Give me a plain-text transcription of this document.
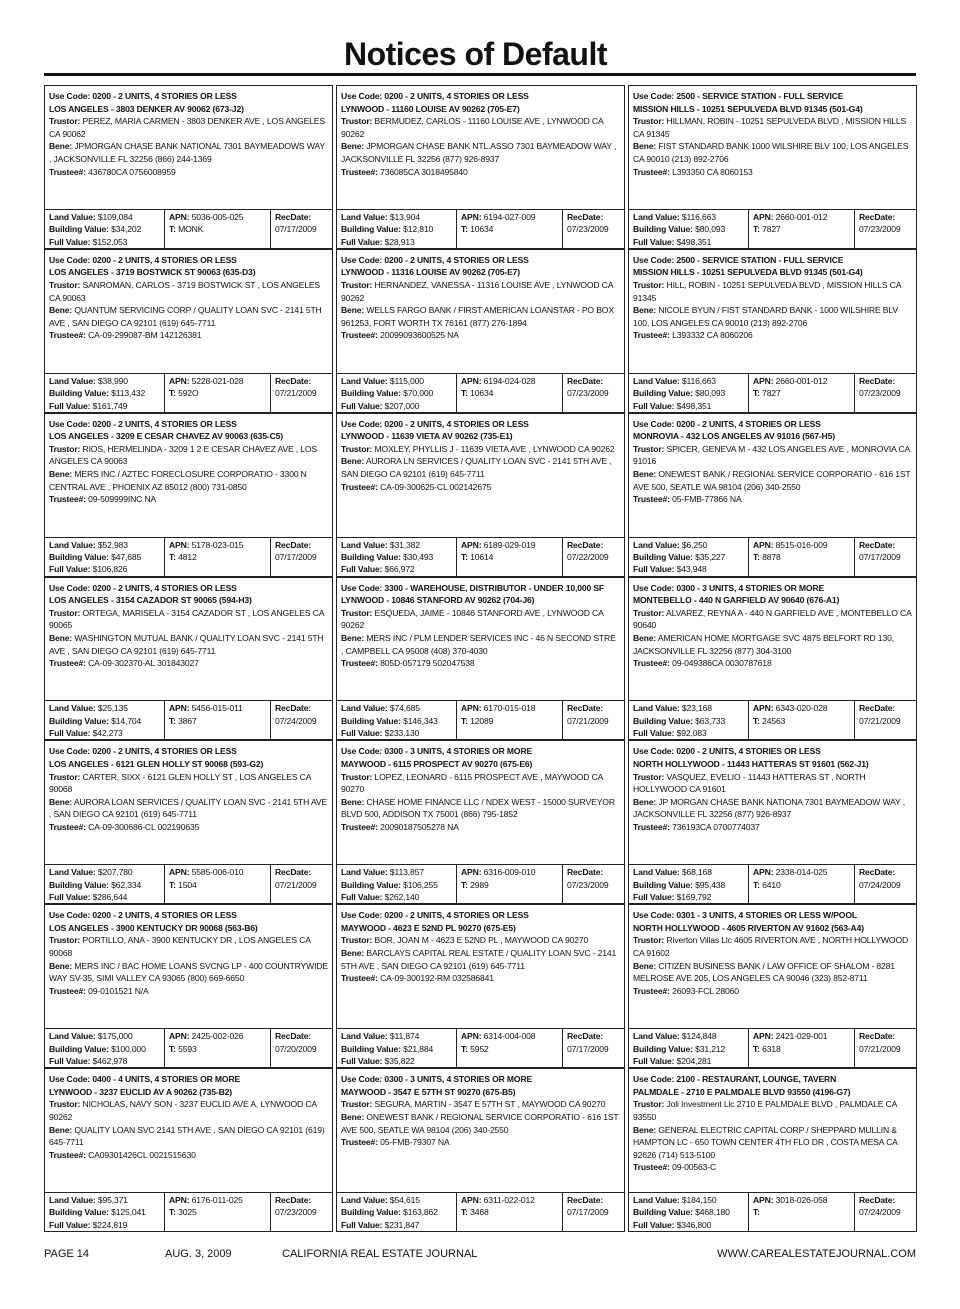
Notices of Default
Use Code: 0200 - 2 UNITS, 4 STORIES OR LESS
LOS ANGELES - 3803 DENKER AV 90062 (673-J2)
Trustor: PEREZ, MARIA CARMEN - 3803 DENKER AVE , LOS ANGELES CA 90062
Bene: JPMORGAN CHASE BANK NATIONAL 7301 BAYMEADOWS WAY , JACKSONVILLE FL 32256 (866) 244-1369
Trustee#: 436780CA 0756008959
Land Value: $109,084
Building Value: $34,202
Full Value: $152,053
APN: 5036-005-025
T: MONK
RecDate:
07/17/2009
Use Code: 0200 - 2 UNITS, 4 STORIES OR LESS
LYNWOOD - 11160 LOUISE AV 90262 (705-E7)
Trustor: BERMUDEZ, CARLOS - 11160 LOUISE AVE , LYNWOOD CA 90262
Bene: JPMORGAN CHASE BANK NTL.ASSO 7301 BAYMEADOW WAY , JACKSONVILLE FL 32256 (877) 926-8937
Trustee#: 736085CA 3018495840
Land Value: $13,904
Building Value: $12,810
Full Value: $28,913
APN: 6194-027-009
T: 10634
RecDate:
07/23/2009
Use Code: 2500 - SERVICE STATION - FULL SERVICE
MISSION HILLS - 10251 SEPULVEDA BLVD 91345 (501-G4)
Trustor: HILLMAN, ROBIN - 10251 SEPULVEDA BLVD , MISSION HILLS CA 91345
Bene: FIST STANDARD BANK 1000 WILSHIRE BLV 100, LOS ANGELES CA 90010 (213) 892-2706
Trustee#: L393350 CA 8060153
Land Value: $116,663
Building Value: $80,093
Full Value: $498,351
APN: 2660-001-012
T: 7827
RecDate:
07/23/2009
Use Code: 0200 - 2 UNITS, 4 STORIES OR LESS
LOS ANGELES - 3719 BOSTWICK ST 90063 (635-D3)
Trustor: SANROMAN, CARLOS - 3719 BOSTWICK ST , LOS ANGELES CA 90063
Bene: QUANTUM SERVICING CORP / QUALITY LOAN SVC - 2141 5TH AVE , SAN DIEGO CA 92101 (619) 645-7711
Trustee#: CA-09-299087-BM 142126381
Land Value: $38,990
Building Value: $113,432
Full Value: $161,749
APN: 5228-021-028
T: 592O
RecDate:
07/21/2009
Use Code: 0200 - 2 UNITS, 4 STORIES OR LESS
LYNWOOD - 11316 LOUISE AV 90262 (705-E7)
Trustor: HERNANDEZ, VANESSA - 11316 LOUISE AVE , LYNWOOD CA 90262
Bene: WELLS FARGO BANK / FIRST AMERICAN LOANSTAR - PO BOX 961253, FORT WORTH TX 76161 (877) 276-1894
Trustee#: 20099093600525 NA
Land Value: $115,000
Building Value: $70,000
Full Value: $207,000
APN: 6194-024-028
T: 10634
RecDate:
07/23/2009
Use Code: 2500 - SERVICE STATION - FULL SERVICE
MISSION HILLS - 10251 SEPULVEDA BLVD 91345 (501-G4)
Trustor: HILL, ROBIN - 10251 SEPULVEDA BLVD , MISSION HILLS CA 91345
Bene: NICOLE BYUN / FIST STANDARD BANK - 1000 WILSHIRE BLV 100, LOS ANGELES CA 90010 (213) 892-2706
Trustee#: L393332 CA 8060206
Land Value: $116,663
Building Value: $80,093
Full Value: $498,351
APN: 2660-001-012
T: 7827
RecDate:
07/23/2009
Use Code: 0200 - 2 UNITS, 4 STORIES OR LESS
LOS ANGELES - 3209 E CESAR CHAVEZ AV 90063 (635-C5)
Trustor: RIOS, HERMELINDA - 3209 1 2 E CESAR CHAVEZ AVE , LOS ANGELES CA 90063
Bene: MERS INC / AZTEC FORECLOSURE CORPORATIO - 3300 N CENTRAL AVE , PHOENIX AZ 85012 (800) 731-0850
Trustee#: 09-509999INC NA
Land Value: $52,983
Building Value: $47,685
Full Value: $106,826
APN: 5178-023-015
T: 4812
RecDate:
07/17/2009
Use Code: 0200 - 2 UNITS, 4 STORIES OR LESS
LYNWOOD - 11639 VIETA AV 90262 (735-E1)
Trustor: MOXLEY, PHYLLIS J - 11639 VIETA AVE , LYNWOOD CA 90262
Bene: AURORA LN SERVICES / QUALITY LOAN SVC - 2141 5TH AVE , SAN DIEGO CA 92101 (619) 645-7711
Trustee#: CA-09-300625-CL 002142675
Land Value: $31,382
Building Value: $30,493
Full Value: $66,972
APN: 6189-029-019
T: 10614
RecDate:
07/22/2009
Use Code: 0200 - 2 UNITS, 4 STORIES OR LESS
MONROVIA - 432 LOS ANGELES AV 91016 (567-H5)
Trustor: SPICER, GENEVA M - 432 LOS ANGELES AVE , MONROVIA CA 91016
Bene: ONEWEST BANK / REGIONAL SERVICE CORPORATIO - 616 1ST AVE 500, SEATLE WA 98104 (206) 340-2550
Trustee#: 05-FMB-77866 NA
Land Value: $6,250
Building Value: $35,227
Full Value: $43,948
APN: 8515-016-009
T: 8878
RecDate:
07/17/2009
Use Code: 0200 - 2 UNITS, 4 STORIES OR LESS
LOS ANGELES - 3154 CAZADOR ST 90065 (594-H3)
Trustor: ORTEGA, MARISELA - 3154 CAZADOR ST , LOS ANGELES CA 90065
Bene: WASHINGTON MUTUAL BANK / QUALITY LOAN SVC - 2141 5TH AVE , SAN DIEGO CA 92101 (619) 645-7711
Trustee#: CA-09-302370-AL 301843027
Land Value: $25,135
Building Value: $14,704
Full Value: $42,273
APN: 5456-015-011
T: 3867
RecDate:
07/24/2009
Use Code: 3300 - WAREHOUSE, DISTRIBUTOR - UNDER 10,000 SF
LYNWOOD - 10846 STANFORD AV 90262 (704-J6)
Trustor: ESQUEDA, JAIME - 10846 STANFORD AVE , LYNWOOD CA 90262
Bene: MERS INC / PLM LENDER SERVICES INC - 46 N SECOND STRE , CAMPBELL CA 95008 (408) 370-4030
Trustee#: 805D-057179 502047538
Land Value: $74,685
Building Value: $146,343
Full Value: $233,130
APN: 6170-015-018
T: 12089
RecDate:
07/21/2009
Use Code: 0300 - 3 UNITS, 4 STORIES OR MORE
MONTEBELLO - 440 N GARFIELD AV 90640 (676-A1)
Trustor: ALVAREZ, REYNA A - 440 N GARFIELD AVE , MONTEBELLO CA 90640
Bene: AMERICAN HOME MORTGAGE SVC 4875 BELFORT RD 130, JACKSONVILLE FL 32256 (877) 304-3100
Trustee#: 09-049386CA 0030787618
Land Value: $23,168
Building Value: $63,733
Full Value: $92,083
APN: 6343-020-028
T: 24563
RecDate:
07/21/2009
Use Code: 0200 - 2 UNITS, 4 STORIES OR LESS
LOS ANGELES - 6121 GLEN HOLLY ST 90068 (593-G2)
Trustor: CARTER, SIXX - 6121 GLEN HOLLY ST , LOS ANGELES CA 90068
Bene: AURORA LOAN SERVICES / QUALITY LOAN SVC - 2141 5TH AVE , SAN DIEGO CA 92101 (619) 645-7711
Trustee#: CA-09-300686-CL 002190635
Land Value: $207,780
Building Value: $62,334
Full Value: $286,644
APN: 5585-006-010
T: 1504
RecDate:
07/21/2009
Use Code: 0300 - 3 UNITS, 4 STORIES OR MORE
MAYWOOD - 6115 PROSPECT AV 90270 (675-E6)
Trustor: LOPEZ, LEONARD - 6115 PROSPECT AVE , MAYWOOD CA 90270
Bene: CHASE HOME FINANCE LLC / NDEX WEST - 15000 SURVEYOR BLVD 500, ADDISON TX 75001 (866) 795-1852
Trustee#: 20090187505278 NA
Land Value: $113,857
Building Value: $106,255
Full Value: $262,140
APN: 6316-009-010
T: 2989
RecDate:
07/23/2009
Use Code: 0200 - 2 UNITS, 4 STORIES OR LESS
NORTH HOLLYWOOD - 11443 HATTERAS ST 91601 (562-J1)
Trustor: VASQUEZ, EVELIO - 11443 HATTERAS ST , NORTH HOLLYWOOD CA 91601
Bene: JP MORGAN CHASE BANK NATIONA 7301 BAYMEADOW WAY , JACKSONVILLE FL 32256 (877) 926-8937
Trustee#: 736193CA 0700774037
Land Value: $68,168
Building Value: $95,438
Full Value: $169,792
APN: 2338-014-025
T: 6410
RecDate:
07/24/2009
Use Code: 0200 - 2 UNITS, 4 STORIES OR LESS
LOS ANGELES - 3900 KENTUCKY DR 90068 (563-B6)
Trustor: PORTILLO, ANA - 3900 KENTUCKY DR , LOS ANGELES CA 90068
Bene: MERS INC / BAC HOME LOANS SVCNG LP - 400 COUNTRYWIDE WAY SV-35, SIMI VALLEY CA 93065 (800) 669-6650
Trustee#: 09-0101521 N/A
Land Value: $175,000
Building Value: $100,000
Full Value: $462,978
APN: 2425-002-026
T: 5593
RecDate:
07/20/2009
Use Code: 0200 - 2 UNITS, 4 STORIES OR LESS
MAYWOOD - 4623 E 52ND PL 90270 (675-E5)
Trustor: BOR, JOAN M - 4623 E 52ND PL , MAYWOOD CA 90270
Bene: BARCLAYS CAPITAL REAL ESTATE / QUALITY LOAN SVC - 2141 5TH AVE , SAN DIEGO CA 92101 (619) 645-7711
Trustee#: CA-09-300192-RM 032586841
Land Value: $11,874
Building Value: $21,884
Full Value: $35,822
APN: 6314-004-008
T: 5952
RecDate:
07/17/2009
Use Code: 0301 - 3 UNITS, 4 STORIES OR LESS W/POOL
NORTH HOLLYWOOD - 4605 RIVERTON AV 91602 (563-A4)
Trustor: Riverton Villas Llc 4605 RIVERTON AVE , NORTH HOLLYWOOD CA 91602
Bene: CITIZEN BUSINESS BANK / LAW OFFICE OF SHALOM - 8281 MELROSE AVE 205, LOS ANGELES CA 90046 (323) 852-8711
Trustee#: 26093-FCL 28060
Land Value: $124,848
Building Value: $31,212
Full Value: $204,281
APN: 2421-029-001
T: 6318
RecDate:
07/21/2009
Use Code: 0400 - 4 UNITS, 4 STORIES OR MORE
LYNWOOD - 3237 EUCLID AV A 90262 (735-B2)
Trustor: NICHOLAS, NAVY SON - 3237 EUCLID AVE A, LYNWOOD CA 90262
Bene: QUALITY LOAN SVC 2141 5TH AVE , SAN DIEGO CA 92101 (619) 645-7711
Trustee#: CA09301426CL 0021515630
Land Value: $95,371
Building Value: $125,041
Full Value: $224,819
APN: 6176-011-025
T: 3025
RecDate:
07/23/2009
Use Code: 0300 - 3 UNITS, 4 STORIES OR MORE
MAYWOOD - 3547 E 57TH ST 90270 (675-B5)
Trustor: SEGURA, MARTIN - 3547 E 57TH ST , MAYWOOD CA 90270
Bene: ONEWEST BANK / REGIONAL SERVICE CORPORATIO - 616 1ST AVE 500, SEATLE WA 98104 (206) 340-2550
Trustee#: 05-FMB-79307 NA
Land Value: $54,615
Building Value: $163,862
Full Value: $231,847
APN: 6311-022-012
T: 3468
RecDate:
07/17/2009
Use Code: 2100 - RESTAURANT, LOUNGE, TAVERN
PALMDALE - 2710 E PALMDALE BLVD 93550 (4196-G7)
Trustor: Joli Investment Llc 2710 E PALMDALE BLVD , PALMDALE CA 93550
Bene: GENERAL ELECTRIC CAPITAL CORP / SHEPPARD MULLIN & HAMPTON LC - 650 TOWN CENTER 4TH FLO DR , COSTA MESA CA 92626 (714) 513-5100
Trustee#: 09-00563-C
Land Value: $184,150
Building Value: $468,180
Full Value: $346,800
APN: 3018-026-058
T:
RecDate:
07/24/2009
PAGE 14	AUG. 3, 2009	CALIFORNIA REAL ESTATE JOURNAL	WWW.CAREALESTATEJOURNAL.COM
